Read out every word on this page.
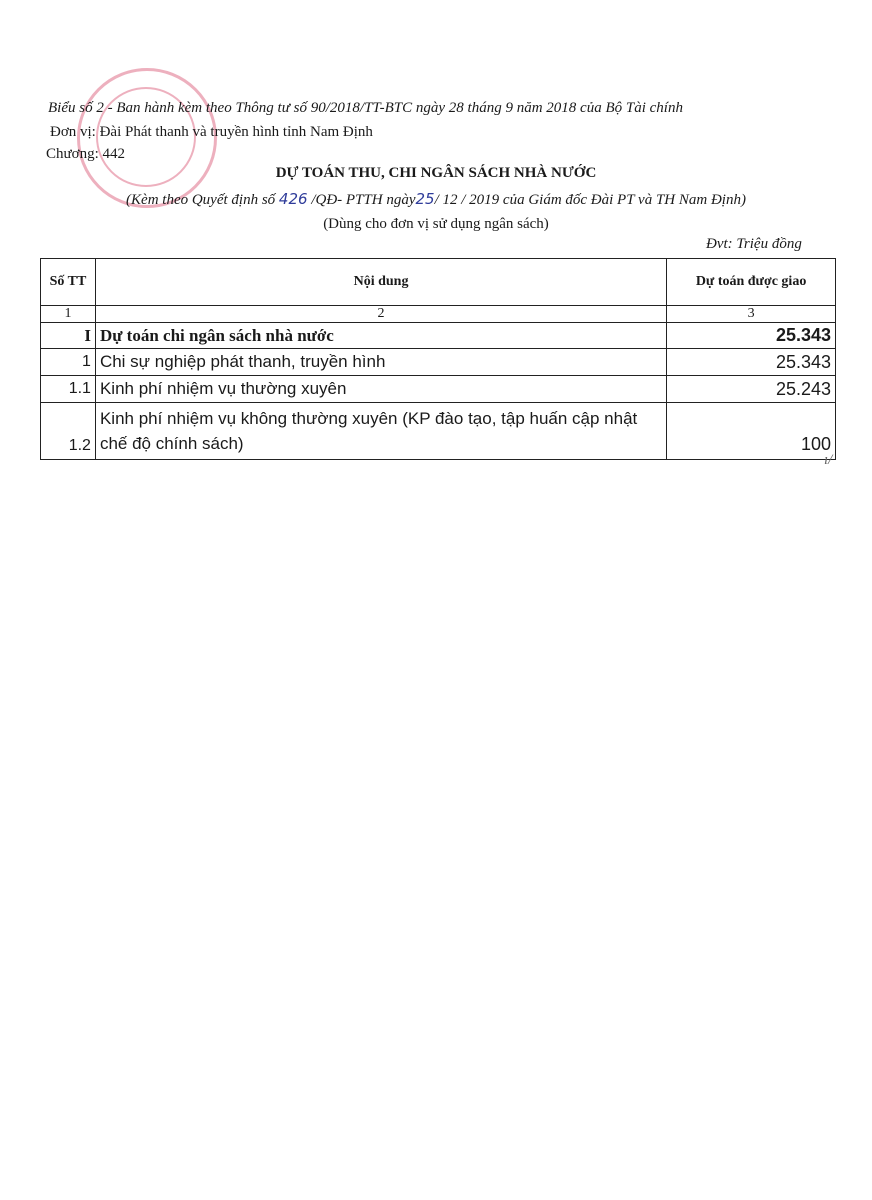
Biểu số 2 - Ban hành kèm theo Thông tư số 90/2018/TT-BTC ngày 28 tháng 9 năm 2018 của Bộ Tài chính
Đơn vị: Đài Phát thanh và truyền hình tỉnh Nam Định
Chương: 442
DỰ TOÁN THU, CHI NGÂN SÁCH NHÀ NƯỚC
(Kèm theo Quyết định số 426 /QĐ- PTTH ngày25/ 12 / 2019 của Giám đốc Đài PT và TH Nam Định)
(Dùng cho đơn vị sử dụng ngân sách)
Đvt: Triệu đồng
Số TT	Nội dung	Dự toán được giao
1	2	3
I	Dự toán chi ngân sách nhà nước	25.343
1	Chi sự nghiệp phát thanh, truyền hình	25.343
1.1	Kinh phí nhiệm vụ thường xuyên	25.243
1.2	Kinh phí nhiệm vụ không thường xuyên (KP đào tạo, tập huấn cập nhật chế độ chính sách)	100
ı/
